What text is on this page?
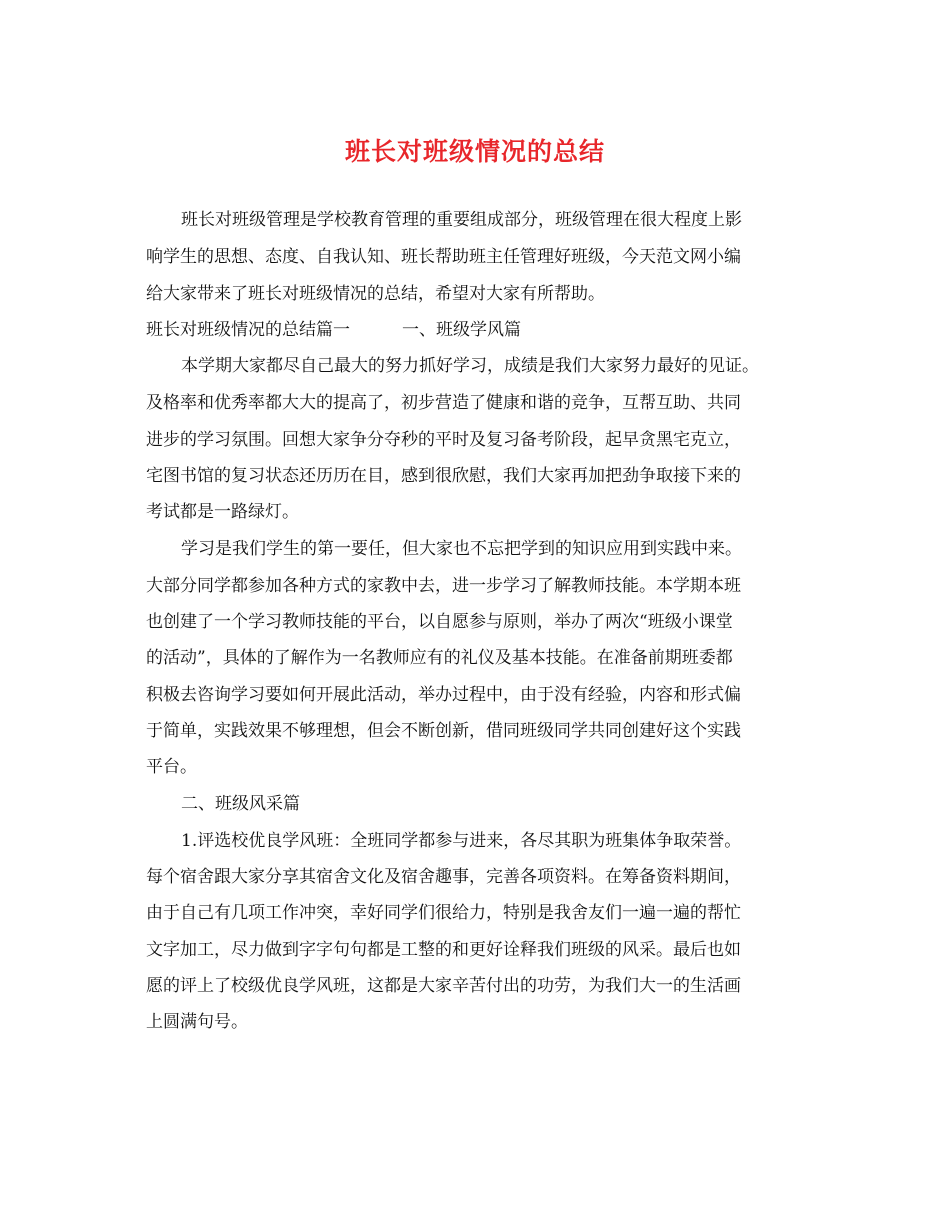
班长对班级情况的总结
班长对班级管理是学校教育管理的重要组成部分，班级管理在很大程度上影
响学生的思想、态度、自我认知、班长帮助班主任管理好班级，今天范文网小编
给大家带来了班长对班级情况的总结，希望对大家有所帮助。
班长对班级情况的总结篇一	一、班级学风篇
本学期大家都尽自己最大的努力抓好学习，成绩是我们大家努力最好的见证。
及格率和优秀率都大大的提高了，初步营造了健康和谐的竞争，互帮互助、共同
进步的学习氛围。回想大家争分夺秒的平时及复习备考阶段，起早贪黑宅克立，
宅图书馆的复习状态还历历在目，感到很欣慰，我们大家再加把劲争取接下来的
考试都是一路绿灯。
学习是我们学生的第一要任，但大家也不忘把学到的知识应用到实践中来。
大部分同学都参加各种方式的家教中去，进一步学习了解教师技能。本学期本班
也创建了一个学习教师技能的平台，以自愿参与原则，举办了两次“班级小课堂
的活动”，具体的了解作为一名教师应有的礼仪及基本技能。在准备前期班委都
积极去咨询学习要如何开展此活动，举办过程中，由于没有经验，内容和形式偏
于简单，实践效果不够理想，但会不断创新，借同班级同学共同创建好这个实践
平台。
二、班级风采篇
1.评选校优良学风班：全班同学都参与进来，各尽其职为班集体争取荣誉。
每个宿舍跟大家分享其宿舍文化及宿舍趣事，完善各项资料。在筹备资料期间，
由于自己有几项工作冲突，幸好同学们很给力，特别是我舍友们一遍一遍的帮忙
文字加工，尽力做到字字句句都是工整的和更好诠释我们班级的风采。最后也如
愿的评上了校级优良学风班，这都是大家辛苦付出的功劳，为我们大一的生活画
上圆满句号。
